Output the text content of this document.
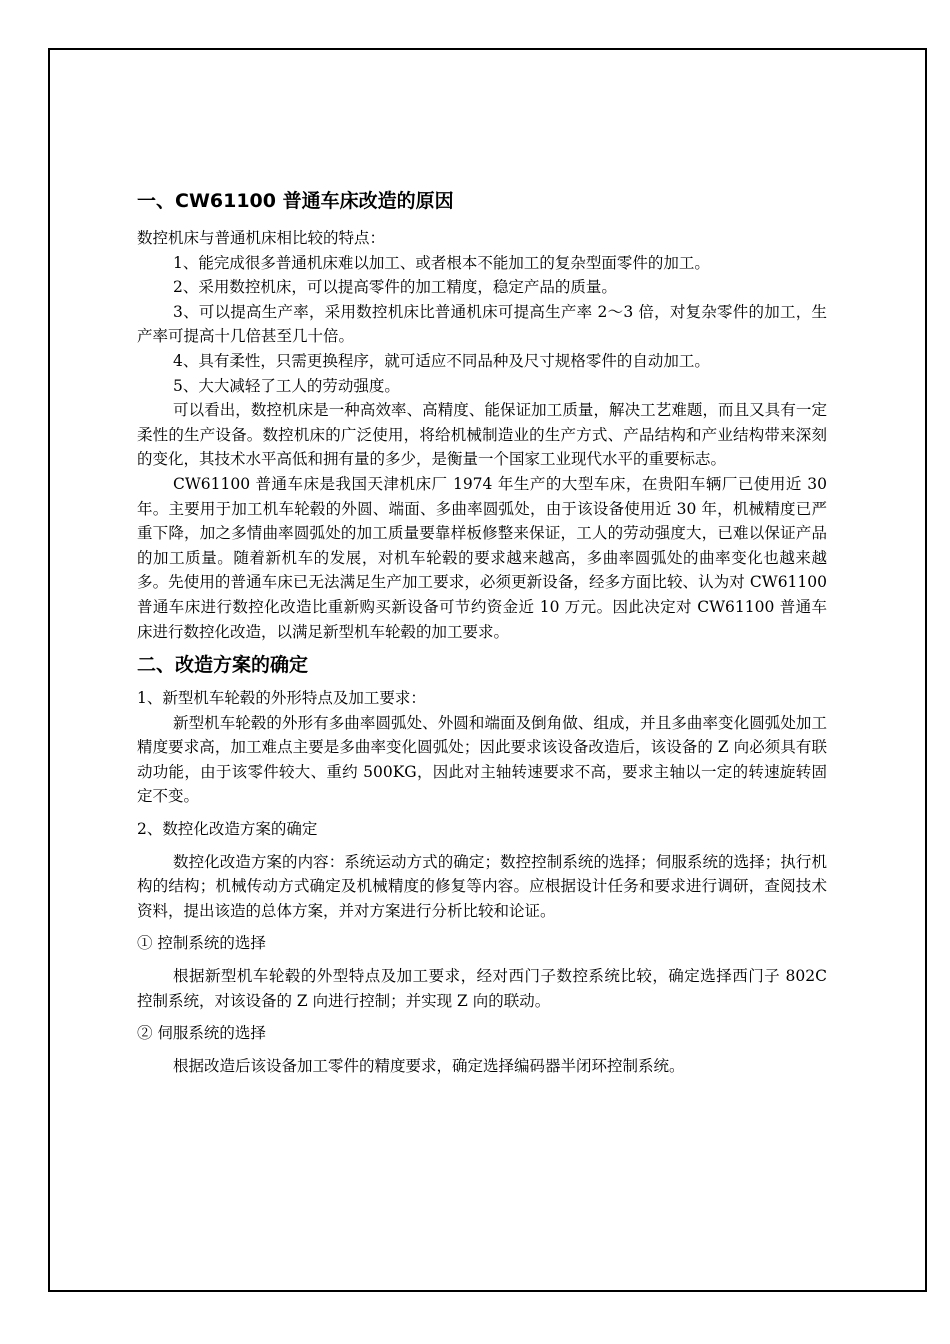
一、CW61100 普通车床改造的原因

数控机床与普通机床相比较的特点：

1、能完成很多普通机床难以加工、或者根本不能加工的复杂型面零件的加工。

2、采用数控机床，可以提高零件的加工精度，稳定产品的质量。

3、可以提高生产率，采用数控机床比普通机床可提高生产率 2～3 倍，对复杂零件的加工，生产率可提高十几倍甚至几十倍。

4、具有柔性，只需更换程序，就可适应不同品种及尺寸规格零件的自动加工。

5、大大减轻了工人的劳动强度。

可以看出，数控机床是一种高效率、高精度、能保证加工质量，解决工艺难题，而且又具有一定柔性的生产设备。数控机床的广泛使用，将给机械制造业的生产方式、产品结构和产业结构带来深刻的变化，其技术水平高低和拥有量的多少，是衡量一个国家工业现代水平的重要标志。

CW61100 普通车床是我国天津机床厂 1974 年生产的大型车床，在贵阳车辆厂已使用近 30 年。主要用于加工机车轮毂的外圆、端面、多曲率圆弧处，由于该设备使用近 30 年，机械精度已严重下降，加之多情曲率圆弧处的加工质量要靠样板修整来保证，工人的劳动强度大，已难以保证产品的加工质量。随着新机车的发展，对机车轮毂的要求越来越高，多曲率圆弧处的曲率变化也越来越多。先使用的普通车床已无法满足生产加工要求，必须更新设备，经多方面比较、认为对 CW61100 普通车床进行数控化改造比重新购买新设备可节约资金近 10 万元。因此决定对 CW61100 普通车床进行数控化改造，以满足新型机车轮毂的加工要求。

二、改造方案的确定

1、新型机车轮毂的外形特点及加工要求：

新型机车轮毂的外形有多曲率圆弧处、外圆和端面及倒角做、组成，并且多曲率变化圆弧处加工精度要求高，加工难点主要是多曲率变化圆弧处；因此要求该设备改造后，该设备的 Z 向必须具有联动功能，由于该零件较大、重约 500KG，因此对主轴转速要求不高，要求主轴以一定的转速旋转固定不变。

2、数控化改造方案的确定

数控化改造方案的内容：系统运动方式的确定；数控控制系统的选择；伺服系统的选择；执行机构的结构；机械传动方式确定及机械精度的修复等内容。应根据设计任务和要求进行调研，查阅技术资料，提出该造的总体方案，并对方案进行分析比较和论证。

① 控制系统的选择

根据新型机车轮毂的外型特点及加工要求，经对西门子数控系统比较，确定选择西门子 802C 控制系统，对该设备的 Z 向进行控制；并实现 Z 向的联动。

② 伺服系统的选择

根据改造后该设备加工零件的精度要求，确定选择编码器半闭环控制系统。
